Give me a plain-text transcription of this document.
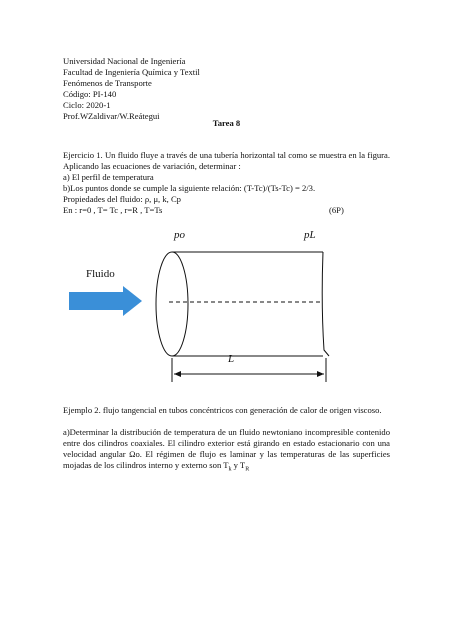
Universidad Nacional de Ingeniería
Facultad de Ingeniería Química y Textil
Fenómenos de Transporte
Código: PI-140
Ciclo: 2020-1
Prof.WZaldivar/W.Reátegui
Tarea 8
Ejercicio 1. Un fluido fluye a través de una tubería horizontal tal como se muestra en la figura. Aplicando las ecuaciones de variación, determinar :
a) El perfil de temperatura
b)Los puntos donde se cumple la siguiente relación: (T-Tc)/(Ts-Tc) = 2/3.
Propiedades del fluido: ρ, μ, k, Cp
En : r=0 , T= Tc , r=R , T=Ts	(6P)
po	pL
Fluido
L
Ejemplo 2. flujo tangencial en tubos concéntricos con generación de calor de origen viscoso.
a)Determinar la distribución de temperatura de un fluido newtoniano incompresible contenido entre dos cilindros coaxiales. El cilindro exterior está girando en estado estacionario con una velocidad angular Ωo. El régimen de flujo es laminar y las temperaturas de las superficies mojadas de los cilindros interno y externo son $T_k$ y $T_R$
